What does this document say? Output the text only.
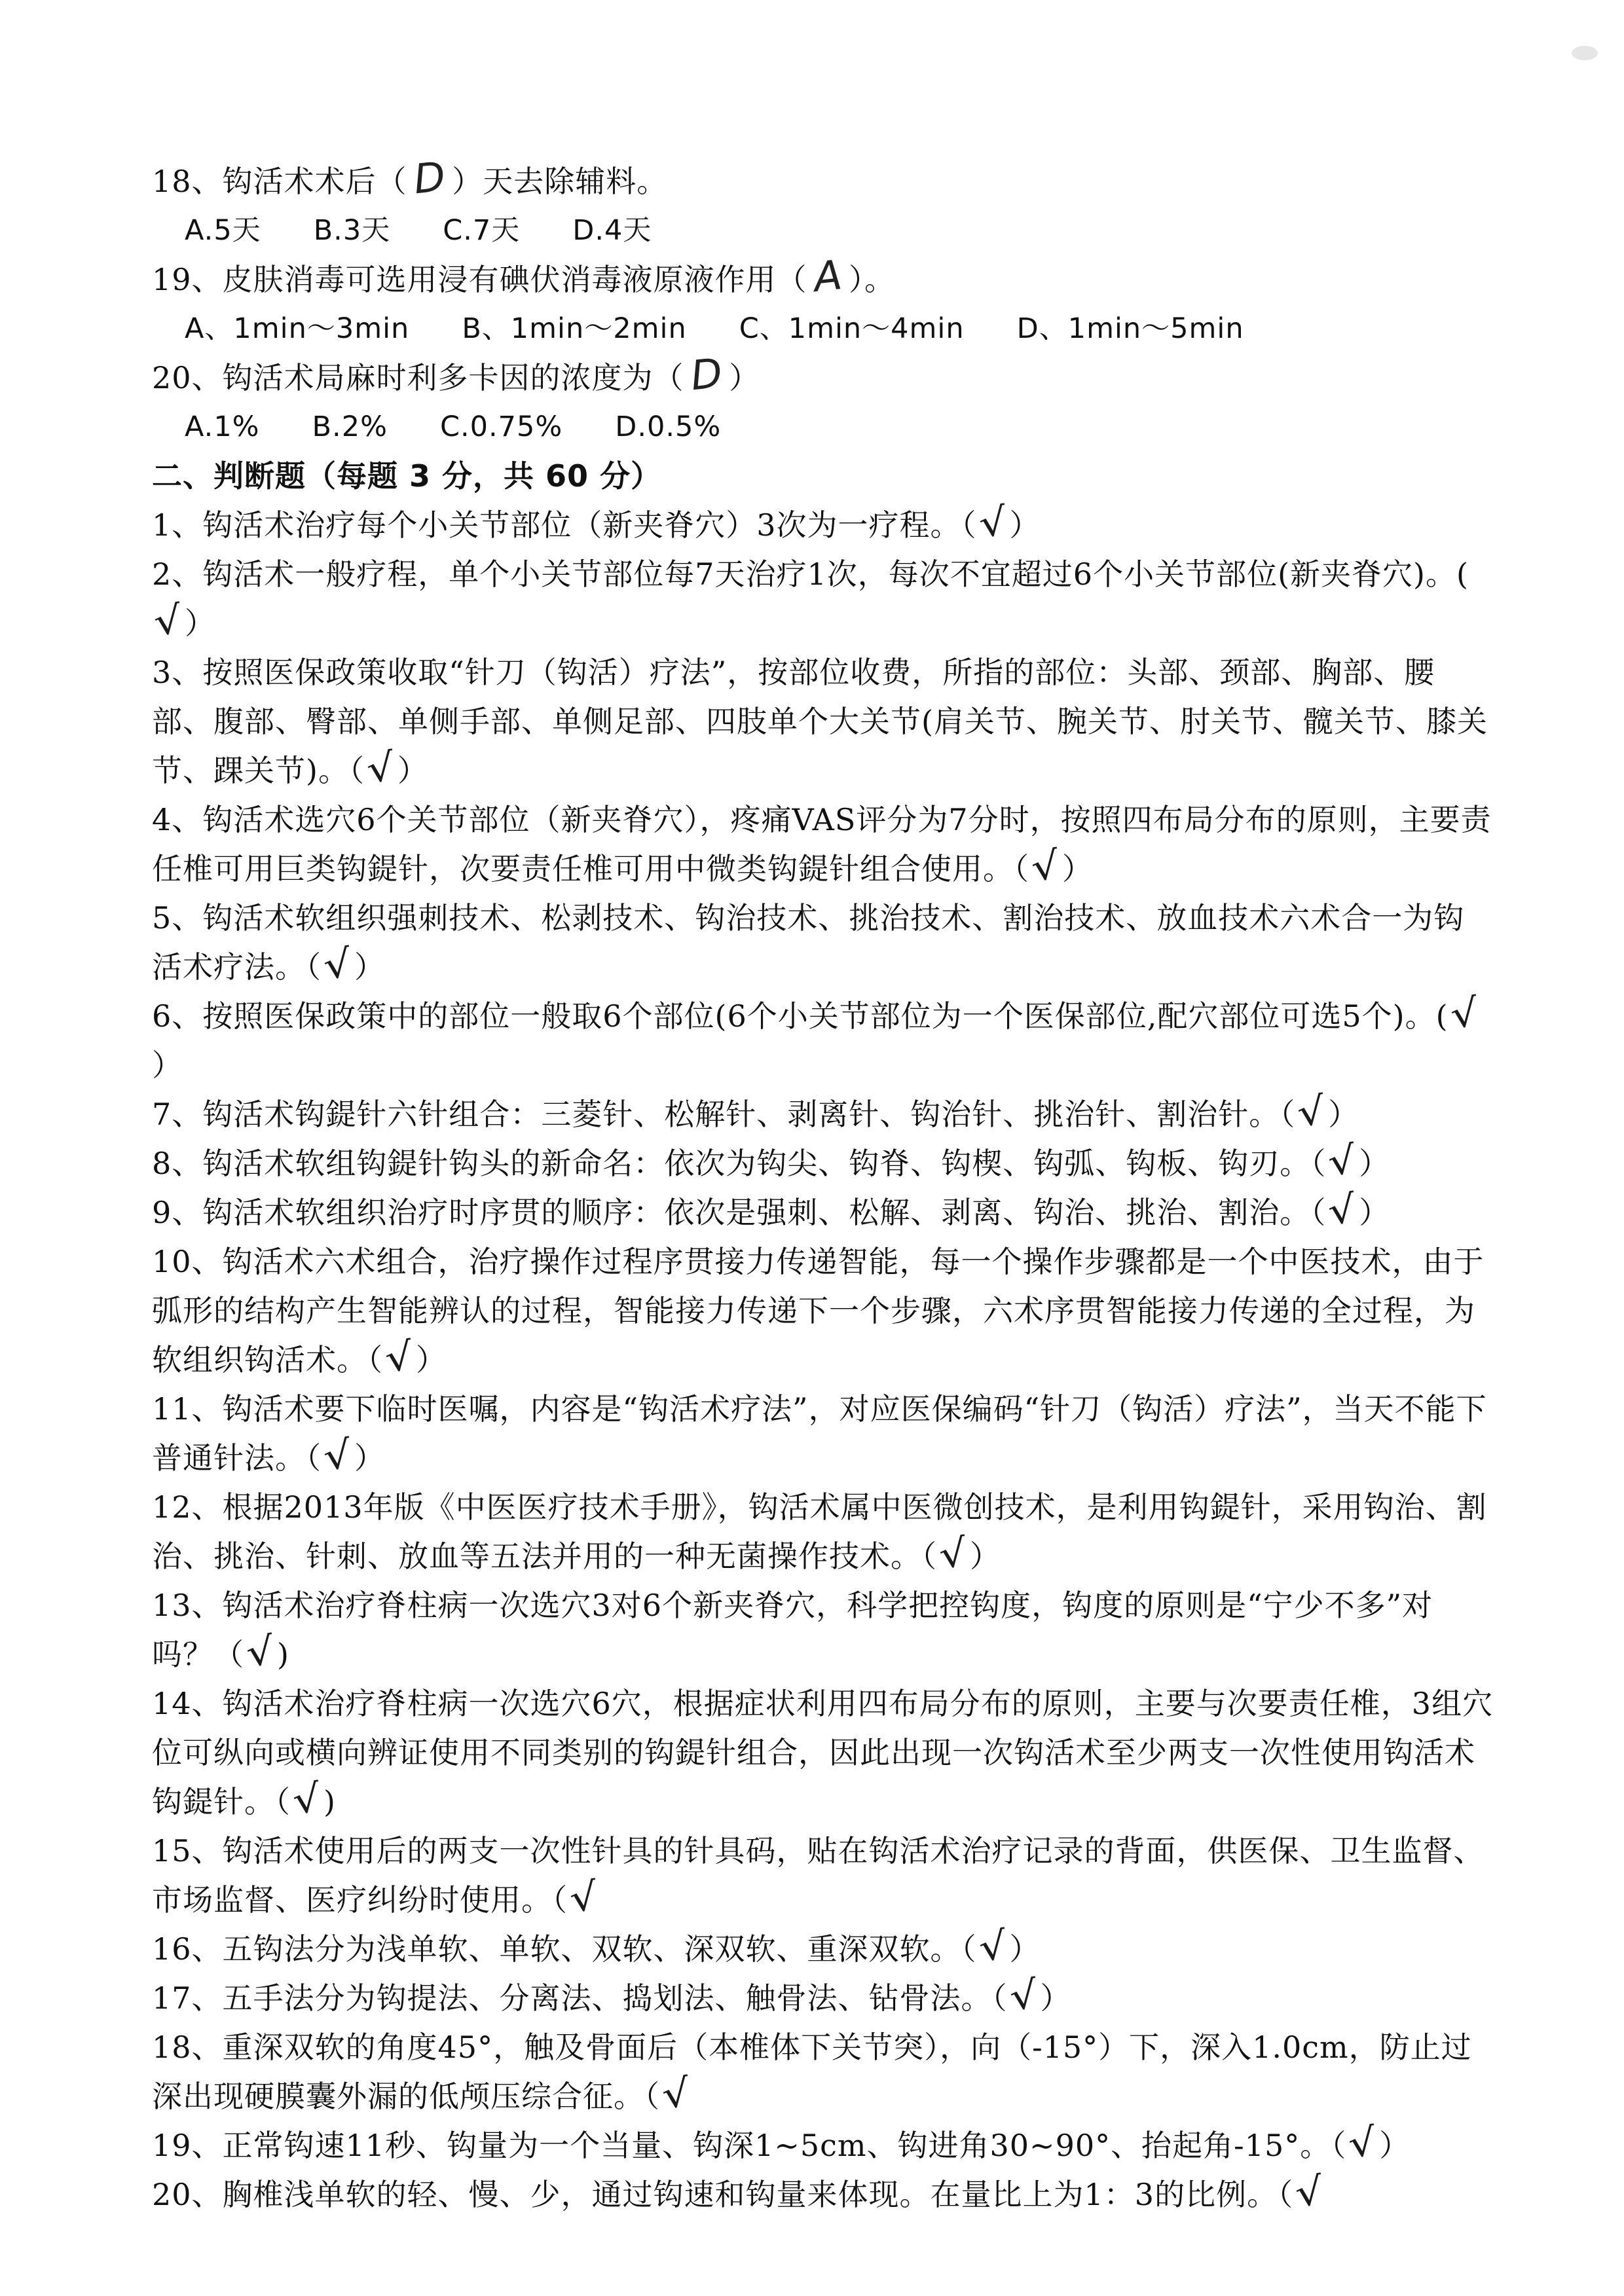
18、钩活术术后（ D ）天去除辅料。
A.5天 B.3天 C.7天 D.4天
19、皮肤消毒可选用浸有碘伏消毒液原液作用（ A ）。
A、1min～3min B、1min～2min C、1min～4min D、1min～5min
20、钩活术局麻时利多卡因的浓度为（ D ）
A.1% B.2% C.0.75% D.0.5%
二、判断题（每题 3 分，共 60 分）
1、钩活术治疗每个小关节部位（新夹脊穴）3次为一疗程。（√）
2、钩活术一般疗程，单个小关节部位每7天治疗1次，每次不宜超过6个小关节部位(新夹脊穴)。(√）
3、按照医保政策收取“针刀（钩活）疗法”，按部位收费，所指的部位：头部、颈部、胸部、腰部、腹部、臀部、单侧手部、单侧足部、四肢单个大关节(肩关节、腕关节、肘关节、髋关节、膝关节、踝关节)。（√）
4、钩活术选穴6个关节部位（新夹脊穴），疼痛VAS评分为7分时，按照四布局分布的原则，主要责任椎可用巨类钩鍉针，次要责任椎可用中微类钩鍉针组合使用。（√）
5、钩活术软组织强刺技术、松剥技术、钩治技术、挑治技术、割治技术、放血技术六术合一为钩活术疗法。（√）
6、按照医保政策中的部位一般取6个部位(6个小关节部位为一个医保部位,配穴部位可选5个)。(√）
7、钩活术钩鍉针六针组合：三菱针、松解针、剥离针、钩治针、挑治针、割治针。（√）
8、钩活术软组钩鍉针钩头的新命名：依次为钩尖、钩脊、钩楔、钩弧、钩板、钩刃。（√）
9、钩活术软组织治疗时序贯的顺序：依次是强刺、松解、剥离、钩治、挑治、割治。（√）
10、钩活术六术组合，治疗操作过程序贯接力传递智能，每一个操作步骤都是一个中医技术，由于弧形的结构产生智能辨认的过程，智能接力传递下一个步骤，六术序贯智能接力传递的全过程，为软组织钩活术。（√）
11、钩活术要下临时医嘱，内容是“钩活术疗法”，对应医保编码“针刀（钩活）疗法”，当天不能下普通针法。（√）
12、根据2013年版《中医医疗技术手册》，钩活术属中医微创技术，是利用钩鍉针，采用钩治、割治、挑治、针刺、放血等五法并用的一种无菌操作技术。（√）
13、钩活术治疗脊柱病一次选穴3对6个新夹脊穴，科学把控钩度，钩度的原则是“宁少不多”对吗？（√)
14、钩活术治疗脊柱病一次选穴6穴，根据症状利用四布局分布的原则，主要与次要责任椎，3组穴位可纵向或横向辨证使用不同类别的钩鍉针组合，因此出现一次钩活术至少两支一次性使用钩活术钩鍉针。（√)
15、钩活术使用后的两支一次性针具的针具码，贴在钩活术治疗记录的背面，供医保、卫生监督、市场监督、医疗纠纷时使用。（√
16、五钩法分为浅单软、单软、双软、深双软、重深双软。（√）
17、五手法分为钩提法、分离法、捣划法、触骨法、钻骨法。（√）
18、重深双软的角度45°，触及骨面后（本椎体下关节突），向（-15°）下，深入1.0cm，防止过深出现硬膜囊外漏的低颅压综合征。（√
19、正常钩速11秒、钩量为一个当量、钩深1~5cm、钩进角30~90°、抬起角-15°。（√）
20、胸椎浅单软的轻、慢、少，通过钩速和钩量来体现。在量比上为1：3的比例。（√
